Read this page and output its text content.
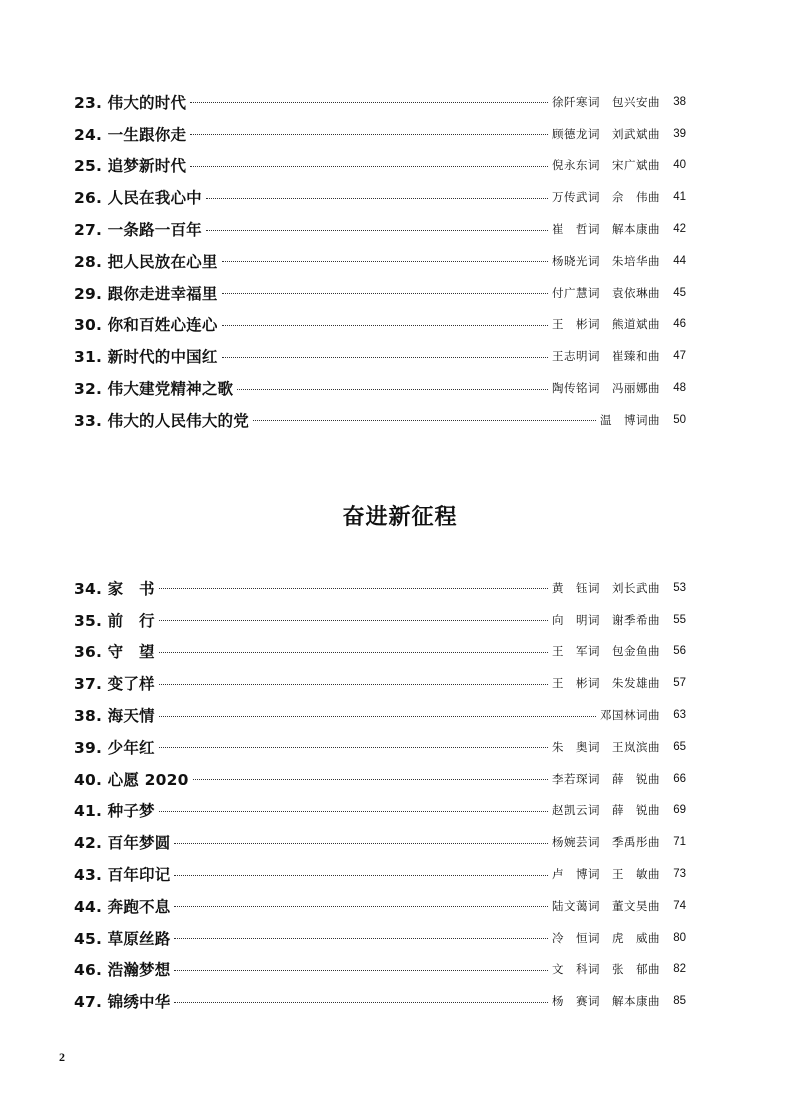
23. 伟大的时代	徐阡寒词　包兴安曲 38
24. 一生跟你走	顾德龙词　刘武斌曲 39
25. 追梦新时代	倪永东词　宋广斌曲 40
26. 人民在我心中	万传武词　佘　伟曲 41
27. 一条路一百年	崔　哲词　解本康曲 42
28. 把人民放在心里	杨晓光词　朱培华曲 44
29. 跟你走进幸福里	付广慧词　袁依琳曲 45
30. 你和百姓心连心	王　彬词　熊道斌曲 46
31. 新时代的中国红	王志明词　崔臻和曲 47
32. 伟大建党精神之歌	陶传铭词　冯丽娜曲 48
33. 伟大的人民伟大的党	温　博词曲 50
奋进新征程
34. 家　书	黄　钰词　刘长武曲 53
35. 前　行	向　明词　谢季希曲 55
36. 守　望	王　军词　包金鱼曲 56
37. 变了样	王　彬词　朱发雄曲 57
38. 海天情	邓国林词曲 63
39. 少年红	朱　奥词　王岚滨曲 65
40. 心愿 2020	李若琛词　薛　锐曲 66
41. 种子梦	赵凯云词　薛　锐曲 69
42. 百年梦圆	杨婉芸词　季禹彤曲 71
43. 百年印记	卢　博词　王　敏曲 73
44. 奔跑不息	陆文蔼词　董文昊曲 74
45. 草原丝路	冷　恒词　虎　威曲 80
46. 浩瀚梦想	文　科词　张　郁曲 82
47. 锦绣中华	杨　赛词　解本康曲 85
2
